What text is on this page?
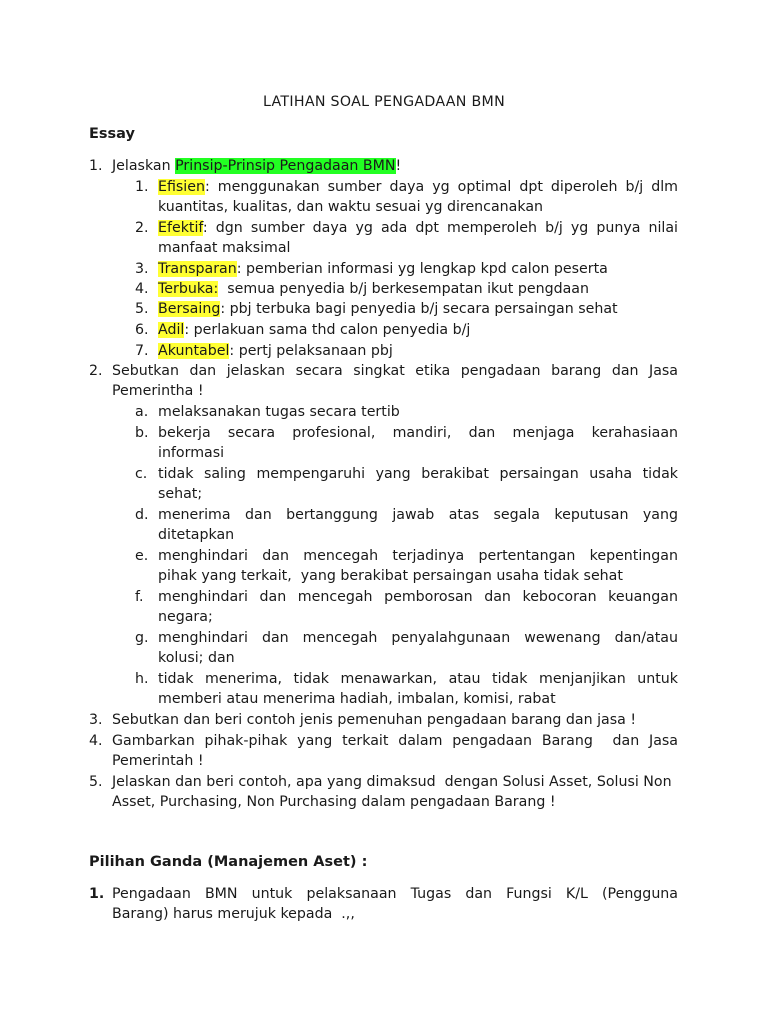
LATIHAN SOAL PENGADAAN BMN
Essay
1. Jelaskan Prinsip-Prinsip Pengadaan BMN!
1. Efisien: menggunakan sumber daya yg optimal dpt diperoleh b/j dlm
kuantitas, kualitas, dan waktu sesuai yg direncanakan
2. Efektif: dgn sumber daya yg ada dpt memperoleh b/j yg punya nilai
manfaat maksimal
3. Transparan: pemberian informasi yg lengkap kpd calon peserta
4. Terbuka:  semua penyedia b/j berkesempatan ikut pengdaan
5. Bersaing: pbj terbuka bagi penyedia b/j secara persaingan sehat
6. Adil: perlakuan sama thd calon penyedia b/j
7. Akuntabel: pertj pelaksanaan pbj
2. Sebutkan dan jelaskan secara singkat etika pengadaan barang dan Jasa
Pemerintha !
a. melaksanakan tugas secara tertib
b. bekerja secara profesional, mandiri, dan menjaga kerahasiaan
informasi
c. tidak saling mempengaruhi yang berakibat persaingan usaha tidak
sehat;
d. menerima dan bertanggung jawab atas segala keputusan yang
ditetapkan
e. menghindari dan mencegah terjadinya pertentangan kepentingan
pihak yang terkait,  yang berakibat persaingan usaha tidak sehat
f. menghindari dan mencegah pemborosan dan kebocoran keuangan
negara;
g. menghindari dan mencegah penyalahgunaan wewenang dan/atau
kolusi; dan
h. tidak menerima, tidak menawarkan, atau tidak menjanjikan untuk
memberi atau menerima hadiah, imbalan, komisi, rabat
3. Sebutkan dan beri contoh jenis pemenuhan pengadaan barang dan jasa !
4. Gambarkan pihak-pihak yang terkait dalam pengadaan Barang  dan Jasa
Pemerintah !
5. Jelaskan dan beri contoh, apa yang dimaksud  dengan Solusi Asset, Solusi Non
Asset, Purchasing, Non Purchasing dalam pengadaan Barang !
Pilihan Ganda (Manajemen Aset) :
1. Pengadaan BMN untuk pelaksanaan Tugas dan Fungsi K/L (Pengguna
Barang) harus merujuk kepada  .,,
